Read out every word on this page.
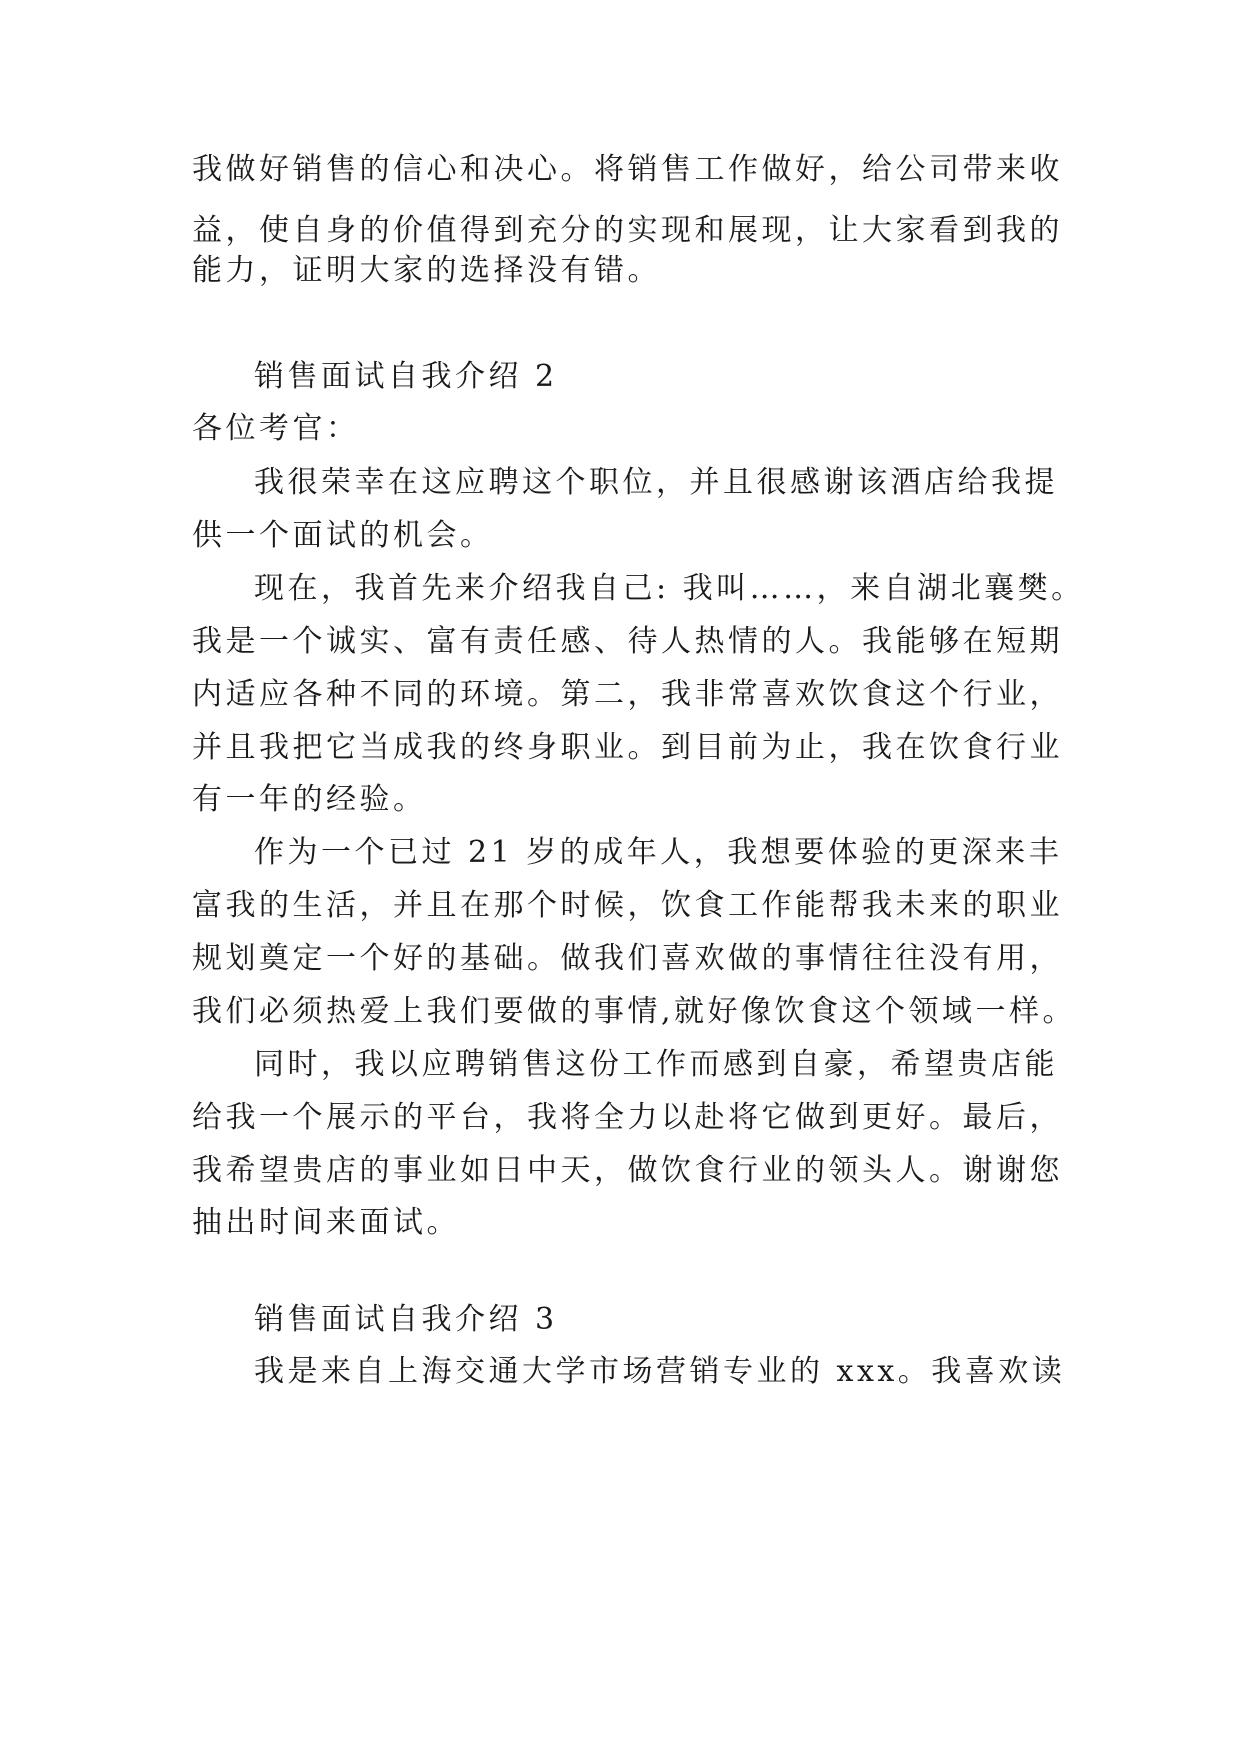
我做好销售的信心和决心。将销售工作做好，给公司带来收
益，使自身的价值得到充分的实现和展现，让大家看到我的
能力，证明大家的选择没有错。
销售面试自我介绍 2
各位考官：
我很荣幸在这应聘这个职位，并且很感谢该酒店给我提
供一个面试的机会。
现在，我首先来介绍我自己: 我叫……，来自湖北襄樊。
我是一个诚实、富有责任感、待人热情的人。我能够在短期
内适应各种不同的环境。第二，我非常喜欢饮食这个行业，
并且我把它当成我的终身职业。到目前为止，我在饮食行业
有一年的经验。
作为一个已过 21 岁的成年人，我想要体验的更深来丰
富我的生活，并且在那个时候，饮食工作能帮我未来的职业
规划奠定一个好的基础。做我们喜欢做的事情往往没有用，
我们必须热爱上我们要做的事情,就好像饮食这个领域一样。
同时，我以应聘销售这份工作而感到自豪，希望贵店能
给我一个展示的平台，我将全力以赴将它做到更好。最后，
我希望贵店的事业如日中天，做饮食行业的领头人。谢谢您
抽出时间来面试。
销售面试自我介绍 3
我是来自上海交通大学市场营销专业的 xxx。我喜欢读
